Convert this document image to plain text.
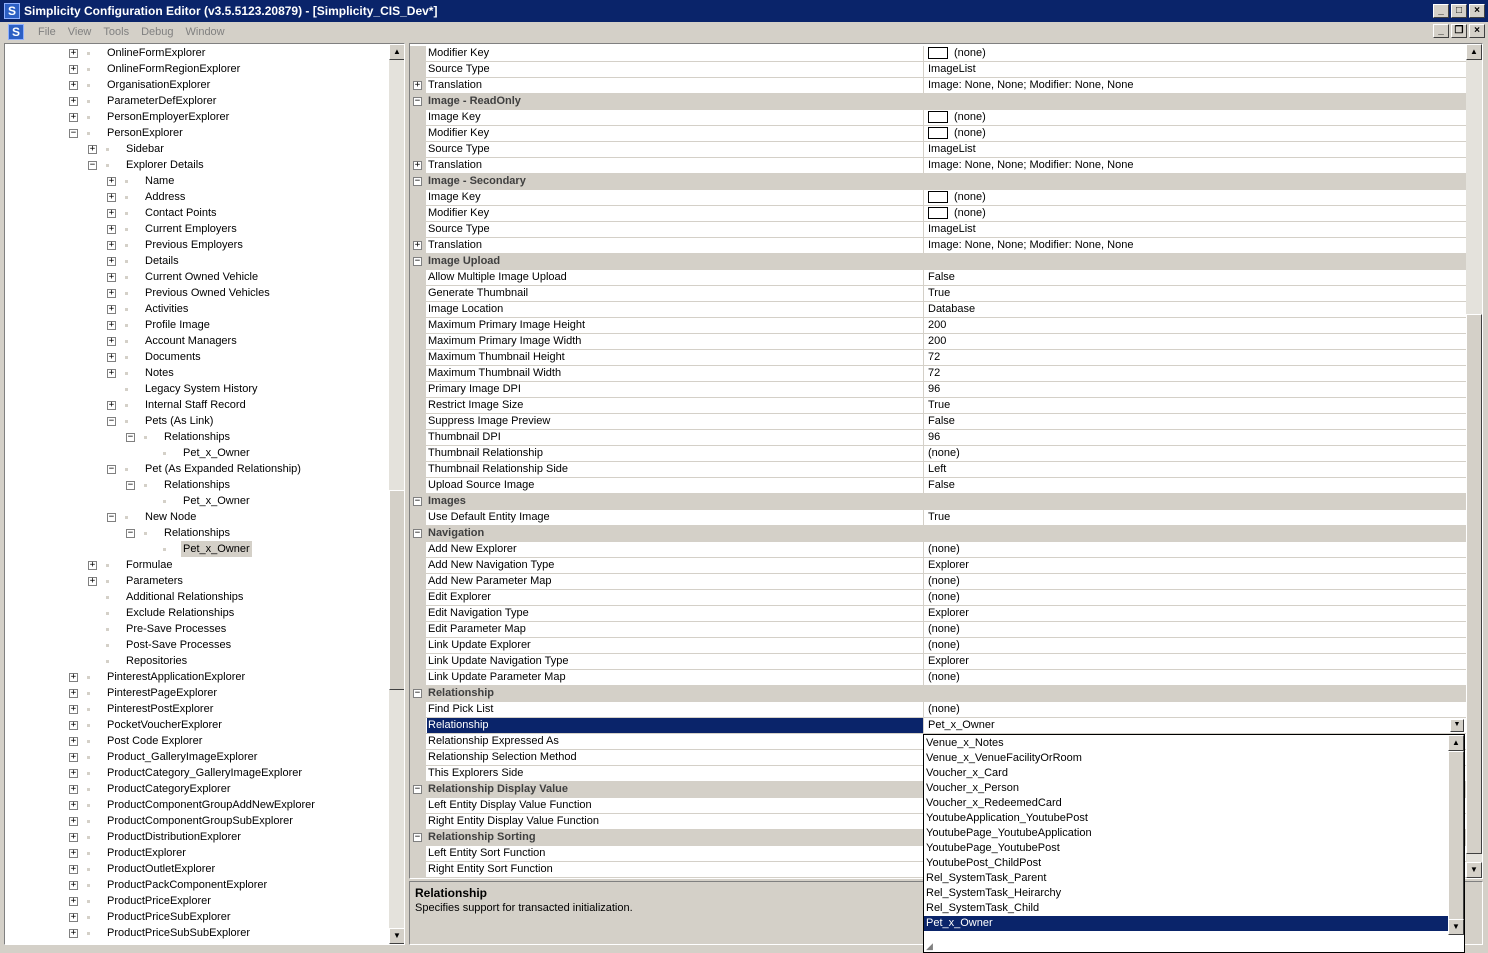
S Simplicity Configuration Editor (v3.5.5123.20879) - [Simplicity_CIS_Dev*]	_	□	×
S	File	View	Tools	Debug	Window	_	❐	×
+	OnlineFormExplorer
+	OnlineFormRegionExplorer
+	OrganisationExplorer
+	ParameterDefExplorer
+	PersonEmployerExplorer
−	PersonExplorer
+	Sidebar
−	Explorer Details
+	Name
+	Address
+	Contact Points
+	Current Employers
+	Previous Employers
+	Details
+	Current Owned Vehicle
+	Previous Owned Vehicles
+	Activities
+	Profile Image
+	Account Managers
+	Documents
+	Notes
Legacy System History
+	Internal Staff Record
−	Pets (As Link)
−	Relationships
Pet_x_Owner
−	Pet (As Expanded Relationship)
−	Relationships
Pet_x_Owner
−	New Node
−	Relationships
Pet_x_Owner
+	Formulae
+	Parameters
Additional Relationships
Exclude Relationships
Pre-Save Processes
Post-Save Processes
Repositories
+	PinterestApplicationExplorer
+	PinterestPageExplorer
+	PinterestPostExplorer
+	PocketVoucherExplorer
+	Post Code Explorer
+	Product_GalleryImageExplorer
+	ProductCategory_GalleryImageExplorer
+	ProductCategoryExplorer
+	ProductComponentGroupAddNewExplorer
+	ProductComponentGroupSubExplorer
+	ProductDistributionExplorer
+	ProductExplorer
+	ProductOutletExplorer
+	ProductPackComponentExplorer
+	ProductPriceExplorer
+	ProductPriceSubExplorer
+	ProductPriceSubSubExplorer
▲
▼
Modifier Key	(none)
Source Type	ImageList
+ Translation	Image: None, None; Modifier: None, None
− Image - ReadOnly
Image Key	(none)
Modifier Key	(none)
Source Type	ImageList
+ Translation	Image: None, None; Modifier: None, None
− Image - Secondary
Image Key	(none)
Modifier Key	(none)
Source Type	ImageList
+ Translation	Image: None, None; Modifier: None, None
− Image Upload
Allow Multiple Image Upload	False
Generate Thumbnail	True
Image Location	Database
Maximum Primary Image Height	200
Maximum Primary Image Width	200
Maximum Thumbnail Height	72
Maximum Thumbnail Width	72
Primary Image DPI	96
Restrict Image Size	True
Suppress Image Preview	False
Thumbnail DPI	96
Thumbnail Relationship	(none)
Thumbnail Relationship Side	Left
Upload Source Image	False
− Images
Use Default Entity Image	True
− Navigation
Add New Explorer	(none)
Add New Navigation Type	Explorer
Add New Parameter Map	(none)
Edit Explorer	(none)
Edit Navigation Type	Explorer
Edit Parameter Map	(none)
Link Update Explorer	(none)
Link Update Navigation Type	Explorer
Link Update Parameter Map	(none)
− Relationship
Find Pick List	(none)
Relationship	Pet_x_Owner	▼
Relationship Expressed As
Relationship Selection Method
This Explorers Side
− Relationship Display Value
Left Entity Display Value Function
Right Entity Display Value Function
− Relationship Sorting
Left Entity Sort Function
Right Entity Sort Function
▲
▼
Relationship
Specifies support for transacted initialization.
Venue_x_Notes
Venue_x_VenueFacilityOrRoom
Voucher_x_Card
Voucher_x_Person
Voucher_x_RedeemedCard
YoutubeApplication_YoutubePost
YoutubePage_YoutubeApplication
YoutubePage_YoutubePost
YoutubePost_ChildPost
Rel_SystemTask_Parent
Rel_SystemTask_Heirarchy
Rel_SystemTask_Child
Pet_x_Owner
▲
▼
◢
